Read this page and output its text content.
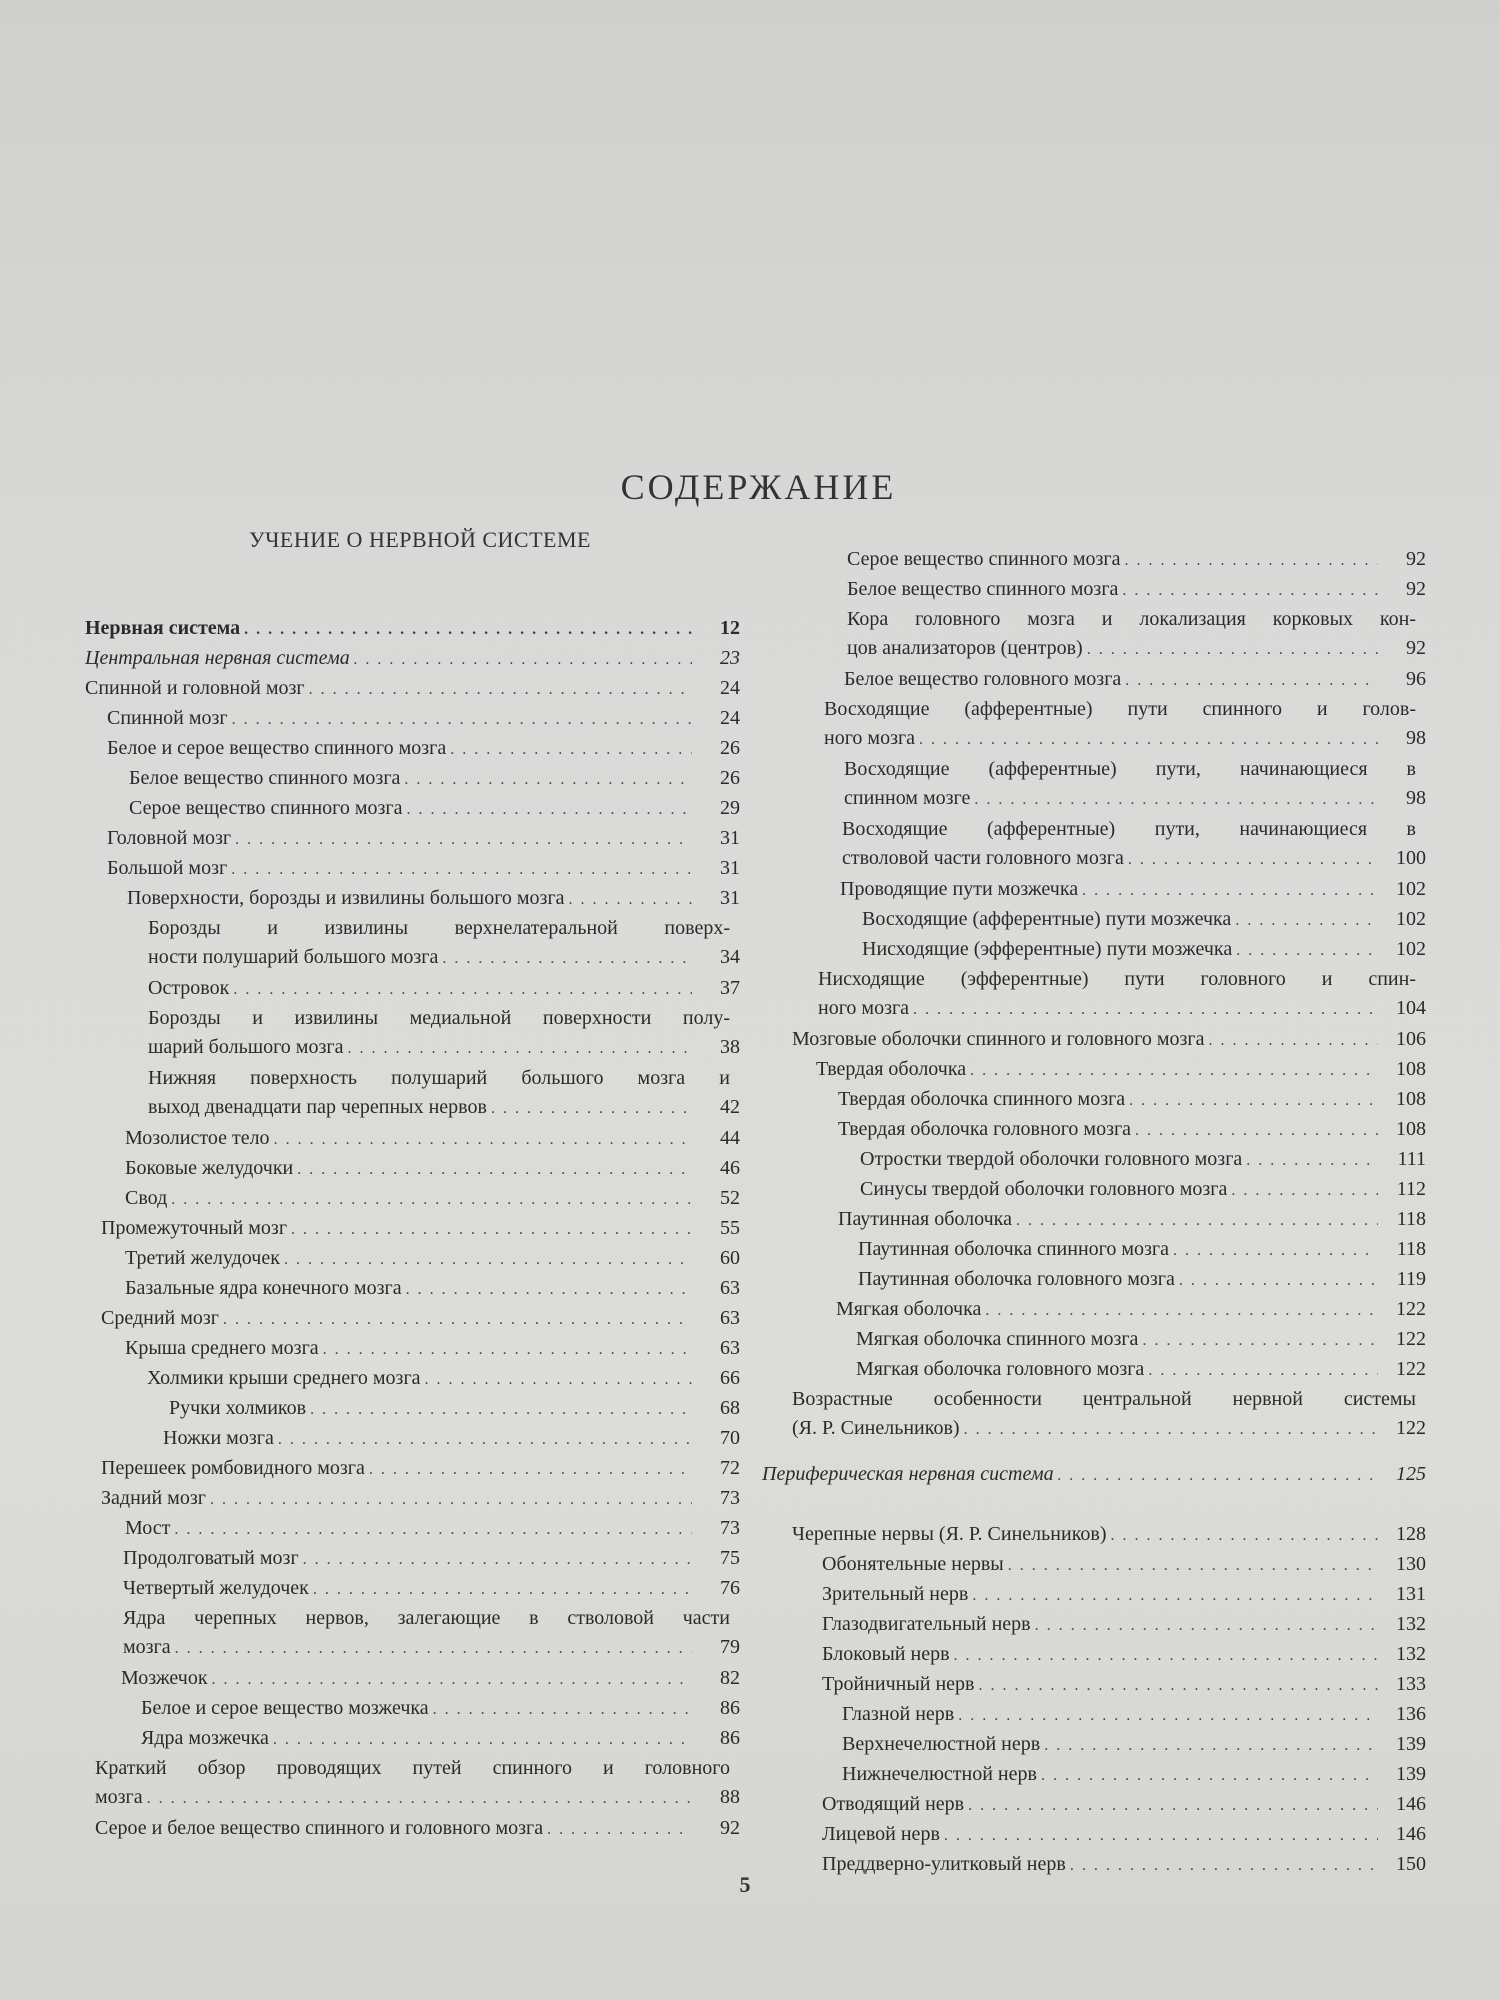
СОДЕРЖАНИЕ
УЧЕНИЕ О НЕРВНОЙ СИСТЕМЕ
Нервная система . . .	12
Центральная нервная система . . .	23
Спинной и головной мозг . . .	24
Спинной мозг . . .	24
Белое и серое вещество спинного мозга . . .	26
Белое вещество спинного мозга . . .	26
Серое вещество спинного мозга . . .	29
Головной мозг . . .	31
Большой мозг . . .	31
Поверхности, борозды и извилины большого мозга . . .	31
Борозды и извилины верхнелатеральной поверх-
ности полушарий большого мозга . . .	34
Островок . . .	37
Борозды и извилины медиальной поверхности полу-
шарий большого мозга . . .	38
Нижняя поверхность полушарий большого мозга и
выход двенадцати пар черепных нервов . . .	42
Мозолистое тело . . .	44
Боковые желудочки . . .	46
Свод . . .	52
Промежуточный мозг . . .	55
Третий желудочек . . .	60
Базальные ядра конечного мозга . . .	63
Средний мозг . . .	63
Крыша среднего мозга . . .	63
Холмики крыши среднего мозга . . .	66
Ручки холмиков . . .	68
Ножки мозга . . .	70
Перешеек ромбовидного мозга . . .	72
Задний мозг . . .	73
Мост . . .	73
Продолговатый мозг . . .	75
Четвертый желудочек . . .	76
Ядра черепных нервов, залегающие в стволовой части
мозга . . .	79
Мозжечок . . .	82
Белое и серое вещество мозжечка . . .	86
Ядра мозжечка . . .	86
Краткий обзор проводящих путей спинного и головного
мозга . . .	88
Серое и белое вещество спинного и головного мозга . . .	92
Серое вещество спинного мозга . . .	92
Белое вещество спинного мозга . . .	92
Кора головного мозга и локализация корковых кон-
цов анализаторов (центров) . . .	92
Белое вещество головного мозга . . .	96
Восходящие (афферентные) пути спинного и голов-
ного мозга . . .	98
Восходящие (афферентные) пути, начинающиеся в
спинном мозге . . .	98
Восходящие (афферентные) пути, начинающиеся в
стволовой части головного мозга . . .	100
Проводящие пути мозжечка . . .	102
Восходящие (афферентные) пути мозжечка . . .	102
Нисходящие (эфферентные) пути мозжечка . . .	102
Нисходящие (эфферентные) пути головного и спин-
ного мозга . . .	104
Мозговые оболочки спинного и головного мозга . . .	106
Твердая оболочка . . .	108
Твердая оболочка спинного мозга . . .	108
Твердая оболочка головного мозга . . .	108
Отростки твердой оболочки головного мозга . . .	111
Синусы твердой оболочки головного мозга . . .	112
Паутинная оболочка . . .	118
Паутинная оболочка спинного мозга . . .	118
Паутинная оболочка головного мозга . . .	119
Мягкая оболочка . . .	122
Мягкая оболочка спинного мозга . . .	122
Мягкая оболочка головного мозга . . .	122
Возрастные особенности центральной нервной системы
(Я. Р. Синельников) . . .	122
Периферическая нервная система . . .	125
Черепные нервы (Я. Р. Синельников) . . .	128
Обонятельные нервы . . .	130
Зрительный нерв . . .	131
Глазодвигательный нерв . . .	132
Блоковый нерв . . .	132
Тройничный нерв . . .	133
Глазной нерв . . .	136
Верхнечелюстной нерв . . .	139
Нижнечелюстной нерв . . .	139
Отводящий нерв . . .	146
Лицевой нерв . . .	146
Преддверно-улитковый нерв . . .	150
5
